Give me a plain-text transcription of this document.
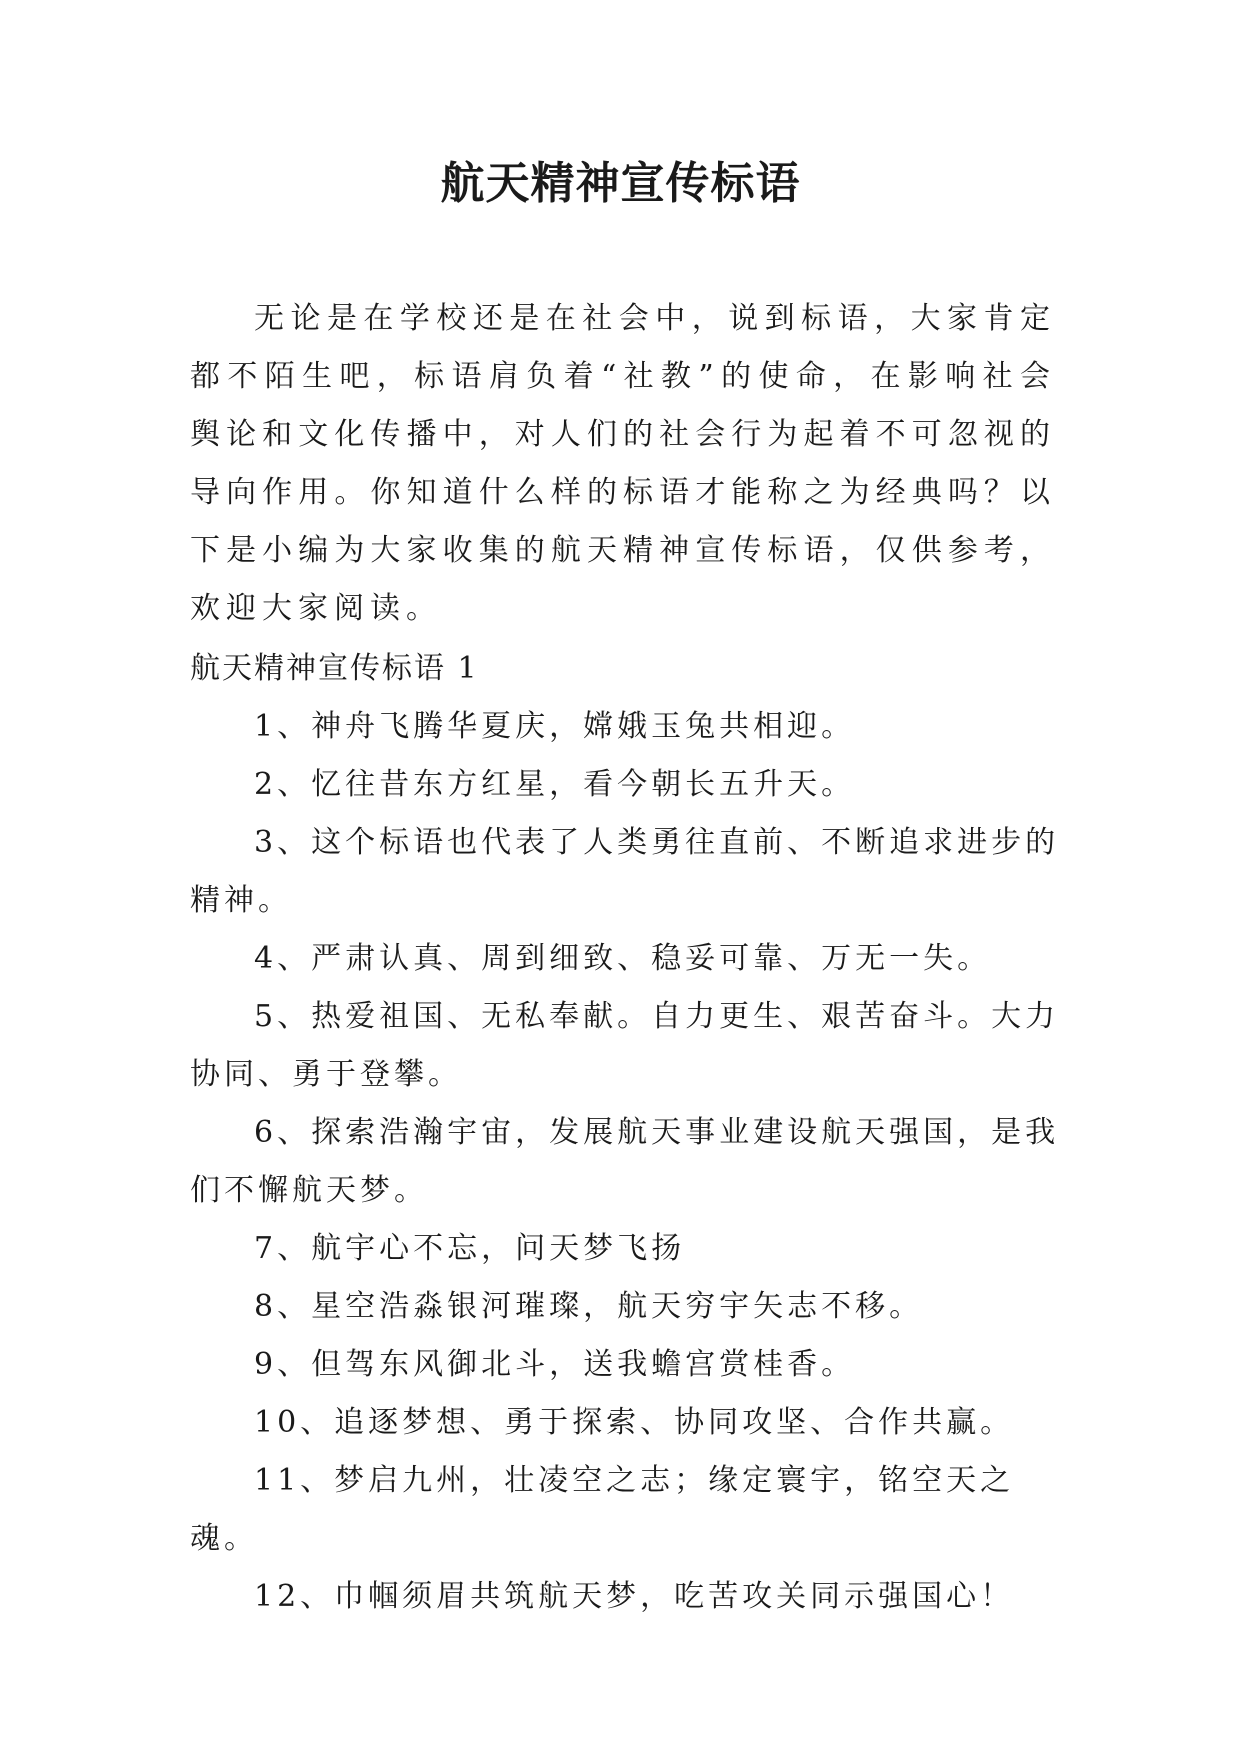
航天精神宣传标语

无论是在学校还是在社会中，说到标语，大家肯定都不陌生吧，标语肩负着“社教”的使命，在影响社会舆论和文化传播中，对人们的社会行为起着不可忽视的导向作用。你知道什么样的标语才能称之为经典吗？以下是小编为大家收集的航天精神宣传标语，仅供参考，欢迎大家阅读。

航天精神宣传标语 1

1、神舟飞腾华夏庆，嫦娥玉兔共相迎。
2、忆往昔东方红星，看今朝长五升天。
3、这个标语也代表了人类勇往直前、不断追求进步的精神。
4、严肃认真、周到细致、稳妥可靠、万无一失。
5、热爱祖国、无私奉献。自力更生、艰苦奋斗。大力协同、勇于登攀。
6、探索浩瀚宇宙，发展航天事业建设航天强国，是我们不懈航天梦。
7、航宇心不忘，问天梦飞扬
8、星空浩淼银河璀璨，航天穷宇矢志不移。
9、但驾东风御北斗，送我蟾宫赏桂香。
10、追逐梦想、勇于探索、协同攻坚、合作共赢。
11、梦启九州，壮凌空之志；缘定寰宇，铭空天之魂。
12、巾帼须眉共筑航天梦，吃苦攻关同示强国心！
